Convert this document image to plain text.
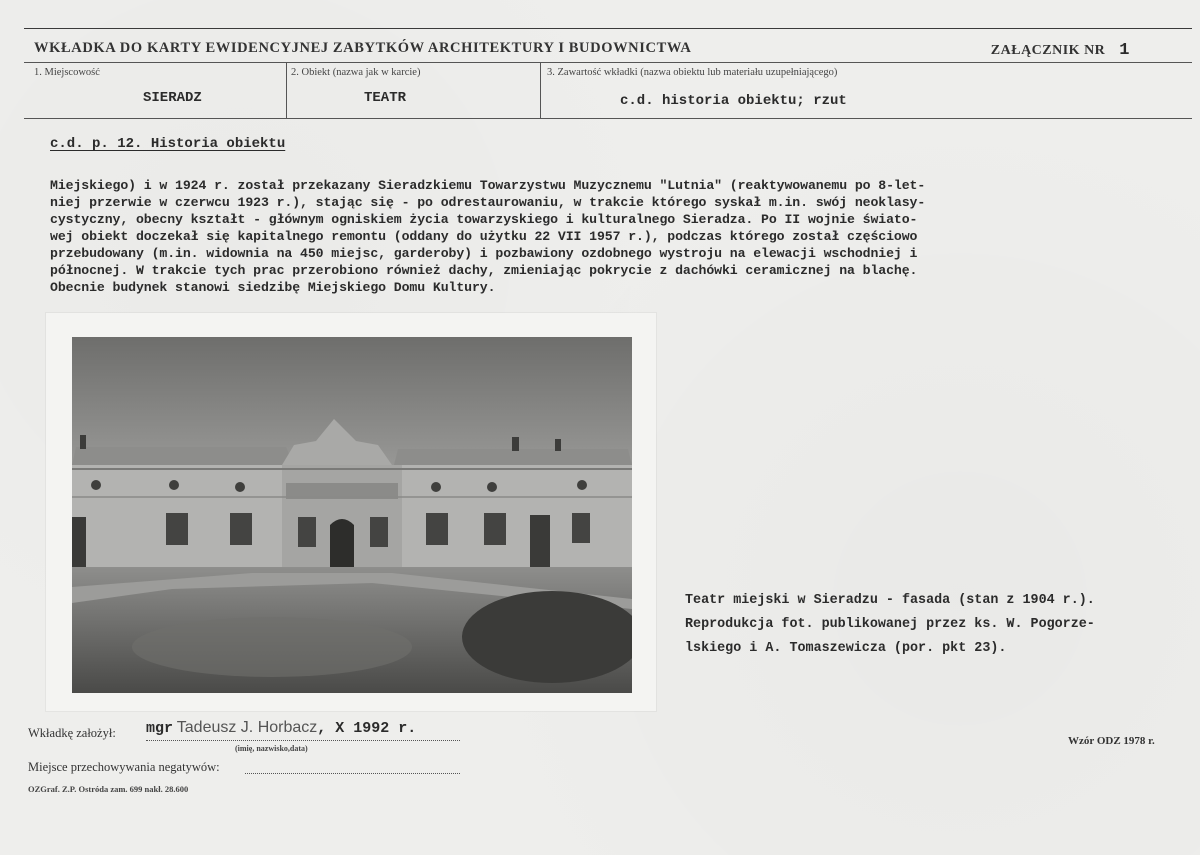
WKŁADKA DO KARTY EWIDENCYJNEJ ZABYTKÓW ARCHITEKTURY I BUDOWNICTWA	ZAŁĄCZNIK NR 1
1. Miejscowość
SIERADZ
2. Obiekt (nazwa jak w karcie)
TEATR
3. Zawartość wkładki (nazwa obiektu lub materiału uzupełniającego)
c.d. historia obiektu; rzut
c.d. p. 12. Historia obiektu
Miejskiego) i w 1924 r. został przekazany Sieradzkiemu Towarzystwu Muzycznemu "Lutnia" (reaktywowanemu po 8-let-
niej przerwie w czerwcu 1923 r.), stając się - po odrestaurowaniu, w trakcie którego syskał m.in. swój neoklasy-
cystyczny, obecny kształt - głównym ogniskiem życia towarzyskiego i kulturalnego Sieradza. Po II wojnie świato-
wej obiekt doczekał się kapitalnego remontu (oddany do użytku 22 VII 1957 r.), podczas którego został częściowo
przebudowany (m.in. widownia na 450 miejsc, garderoby) i pozbawiony ozdobnego wystroju na elewacji wschodniej i
północnej. W trakcie tych prac przerobiono również dachy, zmieniając pokrycie z dachówki ceramicznej na blachę.
Obecnie budynek stanowi siedzibę Miejskiego Domu Kultury.
Teatr miejski w Sieradzu - fasada (stan z 1904 r.).
Reprodukcja fot. publikowanej przez ks. W. Pogorze-
lskiego i A. Tomaszewicza (por. pkt 23).
Wkładkę założył: mgr Tadeusz J. Horbacz, X 1992 r.
(imię, nazwisko,data)
Miejsce przechowywania negatywów:
OZGraf. Z.P. Ostróda zam. 699 nakł. 28.600
Wzór ODZ 1978 r.
